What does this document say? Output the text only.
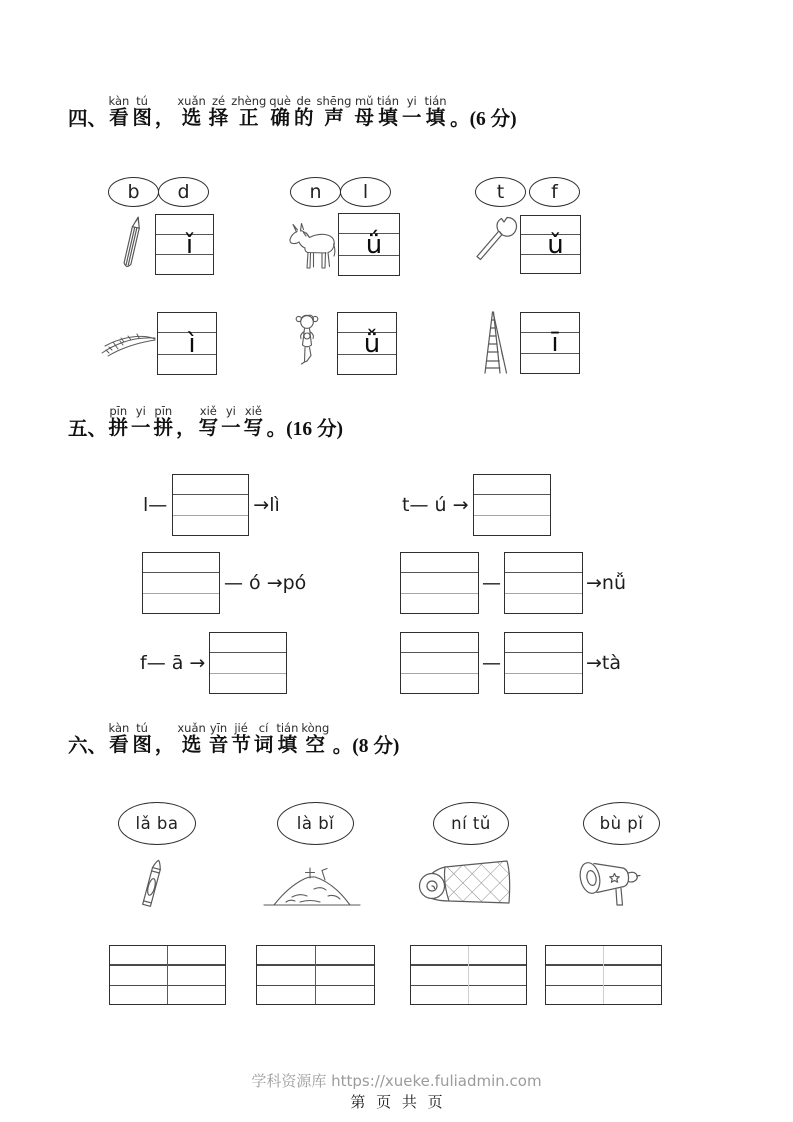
四、
kàn
看
tú
图 ，
xuǎn
选
zé
择
zhèng
正
què
确
de
的
shēng
声
mǔ
母
tián
填
yi
一
tián
填 。(6 分)
b d
ǐ
n l
ǘ
t f
ǔ
ì	ǚ	ī
五、
pīn
拼
yi
一
pīn
拼 ，
xiě
写
yi
一
xiě
写 。(16 分)
l—	→lì	t— ú →
— ó →pó	—	→nǚ
f— ā →	—	→tà
六、
kàn
看
tú
图 ，
xuǎn
选
yīn
音
jié
节
cí
词
tián
填
kòng
空 。(8 分)
lǎ ba	là bǐ	ní tǔ	bù pǐ
学科资源库 https://xueke.fuliadmin.com
第 页 共 页
